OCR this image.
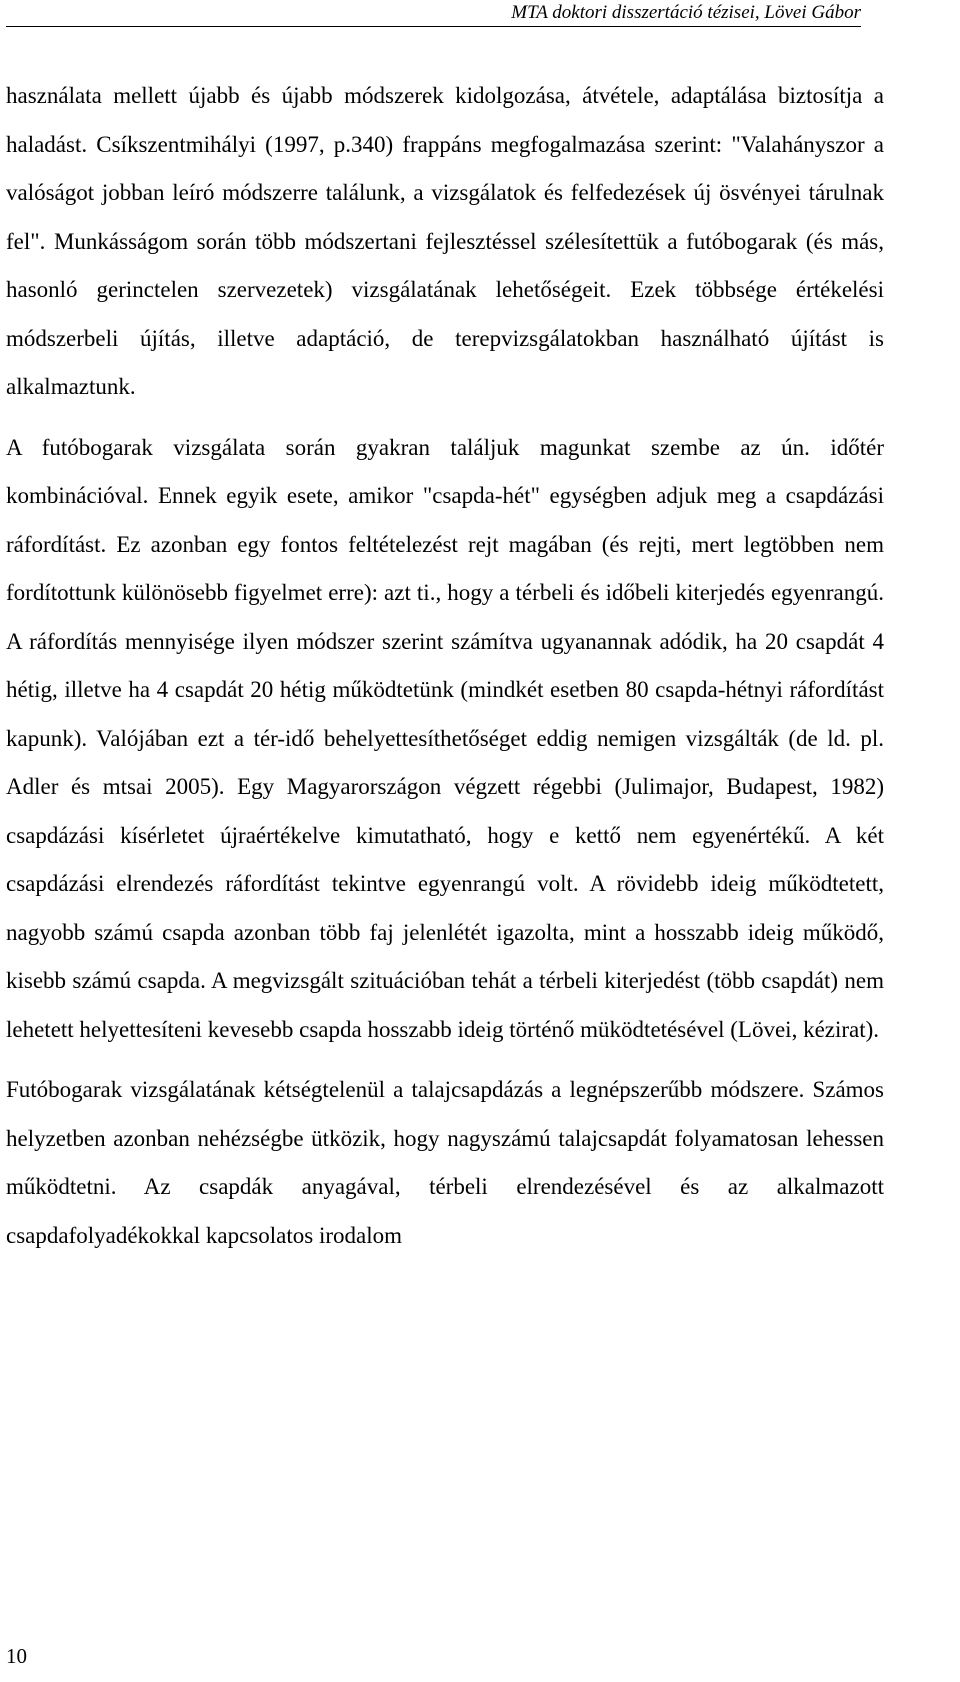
MTA doktori disszertáció tézisei, Lövei Gábor

használata mellett újabb és újabb módszerek kidolgozása, átvétele, adaptálása biztosítja a haladást. Csíkszentmihályi (1997, p.340) frappáns megfogalmazása szerint: "Valahányszor a valóságot jobban leíró módszerre találunk, a vizsgálatok és felfedezések új ösvényei tárulnak fel". Munkásságom során több módszertani fejlesztéssel szélesítettük a futóbogarak (és más, hasonló gerinctelen szervezetek) vizsgálatának lehetőségeit. Ezek többsége értékelési módszerbeli újítás, illetve adaptáció, de terepvizsgálatokban használható újítást is alkalmaztunk.

A futóbogarak vizsgálata során gyakran találjuk magunkat szembe az ún. időtér kombinációval. Ennek egyik esete, amikor "csapda-hét" egységben adjuk meg a csapdázási ráfordítást. Ez azonban egy fontos feltételezést rejt magában (és rejti, mert legtöbben nem fordítottunk különösebb figyelmet erre): azt ti., hogy a térbeli és időbeli kiterjedés egyenrangú. A ráfordítás mennyisége ilyen módszer szerint számítva ugyanannak adódik, ha 20 csapdát 4 hétig, illetve ha 4 csapdát 20 hétig működtetünk (mindkét esetben 80 csapda-hétnyi ráfordítást kapunk). Valójában ezt a tér-idő behelyettesíthetőséget eddig nemigen vizsgálták (de ld. pl. Adler és mtsai 2005). Egy Magyarországon végzett régebbi (Julimajor, Budapest, 1982) csapdázási kísérletet újraértékelve kimutatható, hogy e kettő nem egyenértékű. A két csapdázási elrendezés ráfordítást tekintve egyenrangú volt. A rövidebb ideig működtetett, nagyobb számú csapda azonban több faj jelenlétét igazolta, mint a hosszabb ideig működő, kisebb számú csapda. A megvizsgált szituációban tehát a térbeli kiterjedést (több csapdát) nem lehetett helyettesíteni kevesebb csapda hosszabb ideig történő müködtetésével (Lövei, kézirat).

Futóbogarak vizsgálatának kétségtelenül a talajcsapdázás a legnépszerűbb módszere. Számos helyzetben azonban nehézségbe ütközik, hogy nagyszámú talajcsapdát folyamatosan lehessen működtetni. Az csapdák anyagával, térbeli elrendezésével és az alkalmazott csapdafolyadékokkal kapcsolatos irodalom

10
